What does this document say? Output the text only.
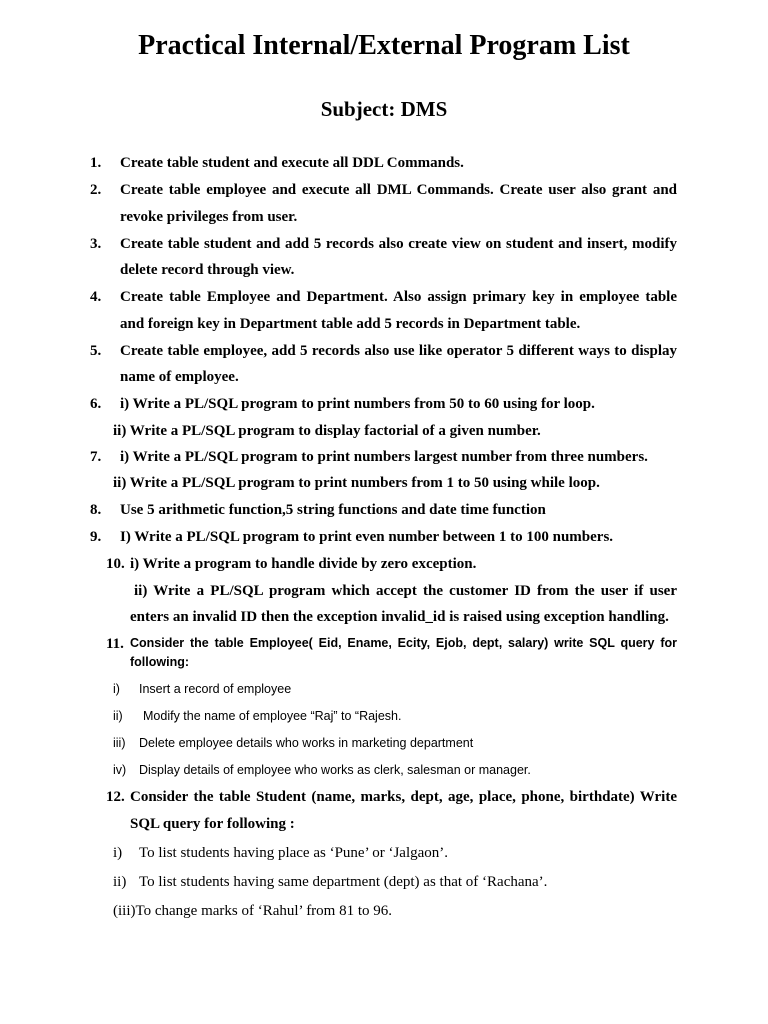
Practical Internal/External Program List
Subject: DMS
1. Create table student and execute all DDL Commands.
2. Create table employee and execute all DML Commands. Create user also grant and
revoke privileges from user.
3. Create table student and add 5 records also create view on student and insert, modify
delete record through view.
4. Create table Employee and Department. Also assign primary key in employee table
and foreign key in Department table add 5 records in Department table.
5. Create table employee, add 5 records also use like operator 5 different ways to display
name of employee.
6. i) Write a PL/SQL program to print numbers from 50 to 60 using for loop.
ii) Write a PL/SQL program to display factorial of a given number.
7. i) Write a PL/SQL program to print numbers largest number from three numbers.
ii) Write a PL/SQL program to print numbers from 1 to 50 using while loop.
8. Use 5 arithmetic function,5 string functions and date time function
9. I) Write a PL/SQL program to print even number between 1 to 100 numbers.
10. i) Write a program to handle divide by zero exception.
ii) Write a PL/SQL program which accept the customer ID from the user if user
enters an invalid ID then the exception invalid_id is raised using exception handling.
11. Consider the table Employee( Eid, Ename, Ecity, Ejob, dept, salary) write SQL query for
following:
i) Insert a record of employee
ii) Modify the name of employee “Raj” to “Rajesh.
iii) Delete employee details who works in marketing department
iv) Display details of employee who works as clerk, salesman or manager.
12. Consider the table Student (name, marks, dept, age, place, phone, birthdate) Write
SQL query for following :
i) To list students having place as ‘Pune’ or ‘Jalgaon’.
ii) To list students having same department (dept) as that of ‘Rachana’.
(iii)To change marks of ‘Rahul’ from 81 to 96.
